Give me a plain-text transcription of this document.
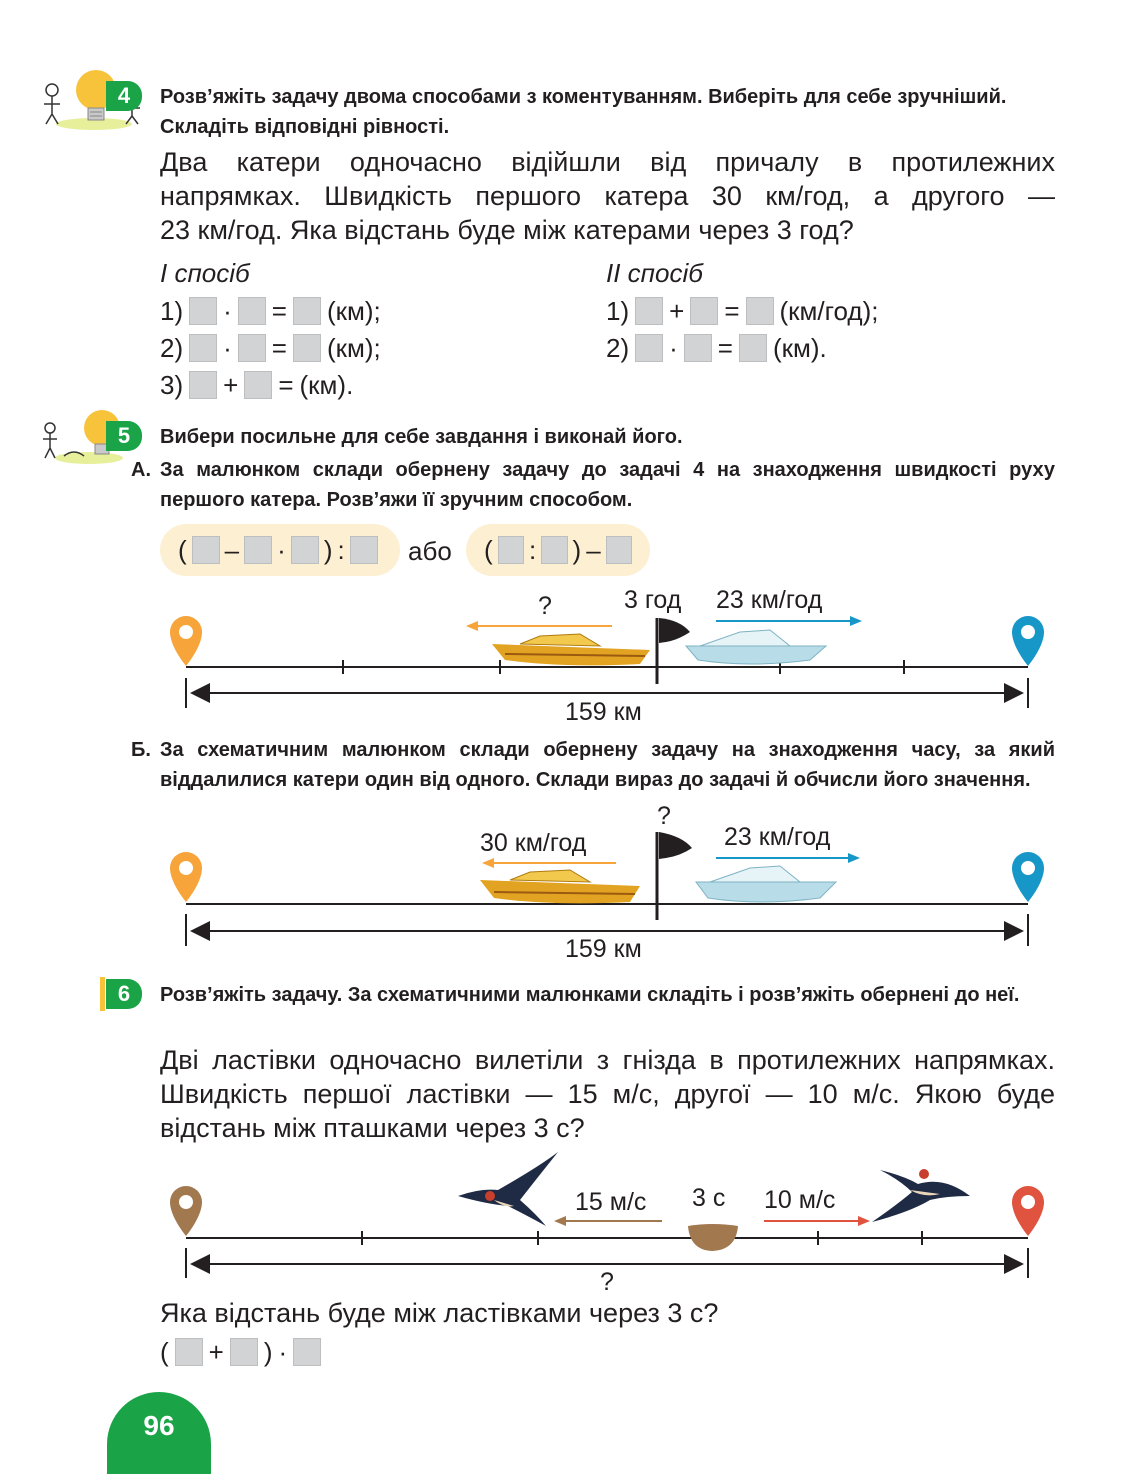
4 Розв’яжіть задачу двома способами з коментуванням. Виберіть для себе зручніший. Складіть відповідні рівності.
Два катери одночасно відійшли від причалу в протилежних
напрямках. Швидкість першого катера 30 км/год, а другого —
23 км/год. Яка відстань буде між катерами через 3 год?
I спосіб	II спосіб
1) · = (км);
2) · = (км);
3) + = (км).
1) + = (км/год);
2) · = (км).
5 Вибери посильне для себе завдання і виконай його.
А. За малюнком склади обернену задачу до задачі 4 на знаходження швидкості руху першого катера. Розв’яжи її зручним способом.
( – · ) : або ( : ) –
?	3 год 23 км/год
159 км
Б. За схематичним малюнком склади обернену задачу на знаходження часу, за який віддалилися катери один від одного. Склади вираз до задачі й обчисли його значення.
?
30 км/год	23 км/год
159 км
6 Розв’яжіть задачу. За схематичними малюнками складіть і розв’яжіть обернені до неї.
Дві ластівки одночасно вилетіли з гнізда в протилежних напрямках.
Швидкість першої ластівки — 15 м/с, другої — 10 м/с. Якою буде
відстань між пташками через 3 с?
15 м/с 3 с 10 м/с
?
Яка відстань буде між ластівками через 3 с?
( + ) ·
96
